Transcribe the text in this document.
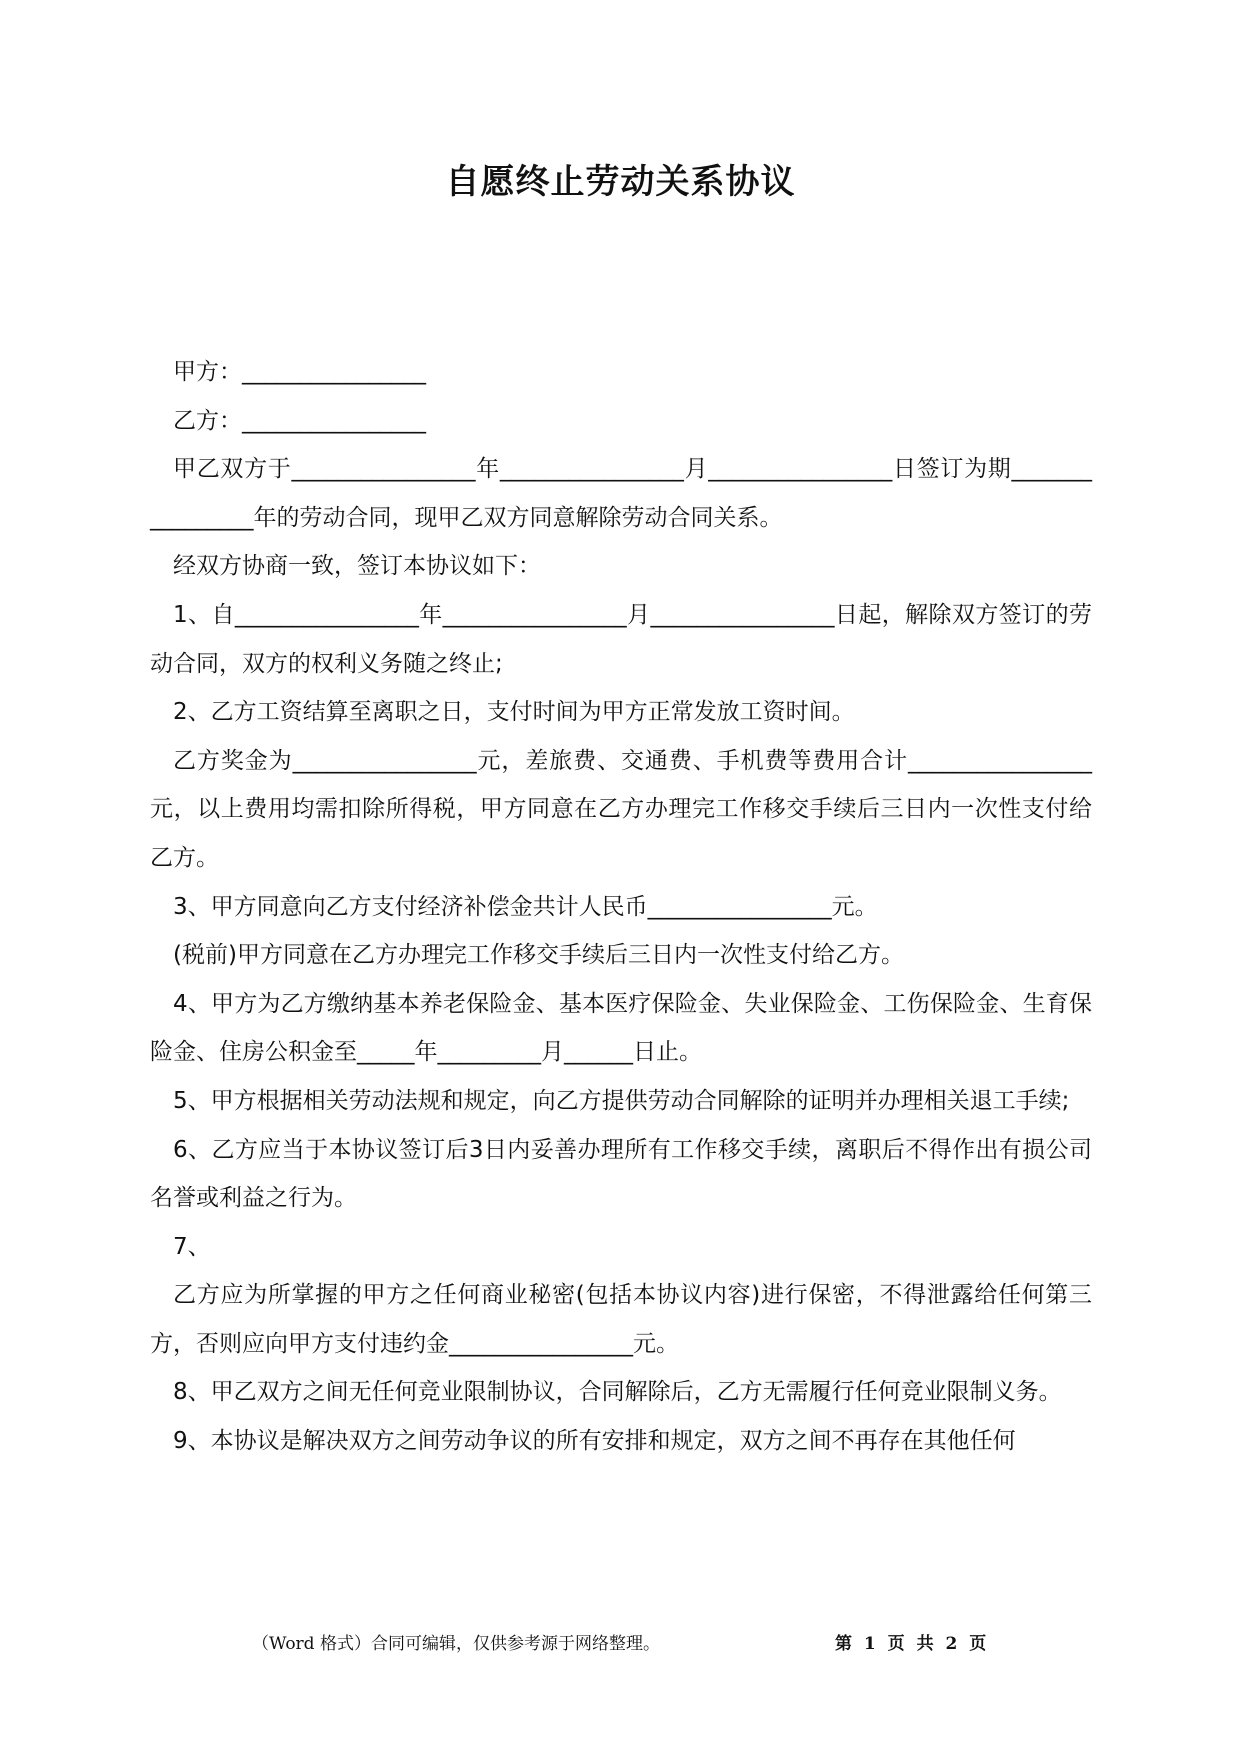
自愿终止劳动关系协议

甲方：________________

乙方：________________

甲乙双方于________________年________________月________________日签订为期________________年的劳动合同，现甲乙双方同意解除劳动合同关系。

经双方协商一致，签订本协议如下：

1、自________________年________________月________________日起，解除双方签订的劳动合同，双方的权利义务随之终止;

2、乙方工资结算至离职之日，支付时间为甲方正常发放工资时间。

乙方奖金为________________元，差旅费、交通费、手机费等费用合计________________元，以上费用均需扣除所得税，甲方同意在乙方办理完工作移交手续后三日内一次性支付给乙方。

3、甲方同意向乙方支付经济补偿金共计人民币________________元。

(税前)甲方同意在乙方办理完工作移交手续后三日内一次性支付给乙方。

4、甲方为乙方缴纳基本养老保险金、基本医疗保险金、失业保险金、工伤保险金、生育保险金、住房公积金至_____年_________月______日止。

5、甲方根据相关劳动法规和规定，向乙方提供劳动合同解除的证明并办理相关退工手续;

6、乙方应当于本协议签订后3日内妥善办理所有工作移交手续，离职后不得作出有损公司名誉或利益之行为。

7、

乙方应为所掌握的甲方之任何商业秘密(包括本协议内容)进行保密，不得泄露给任何第三方，否则应向甲方支付违约金________________元。

8、甲乙双方之间无任何竞业限制协议，合同解除后，乙方无需履行任何竞业限制义务。

9、本协议是解决双方之间劳动争议的所有安排和规定，双方之间不再存在其他任何

（Word 格式）合同可编辑，仅供参考源于网络整理。	第 1 页 共 2 页
